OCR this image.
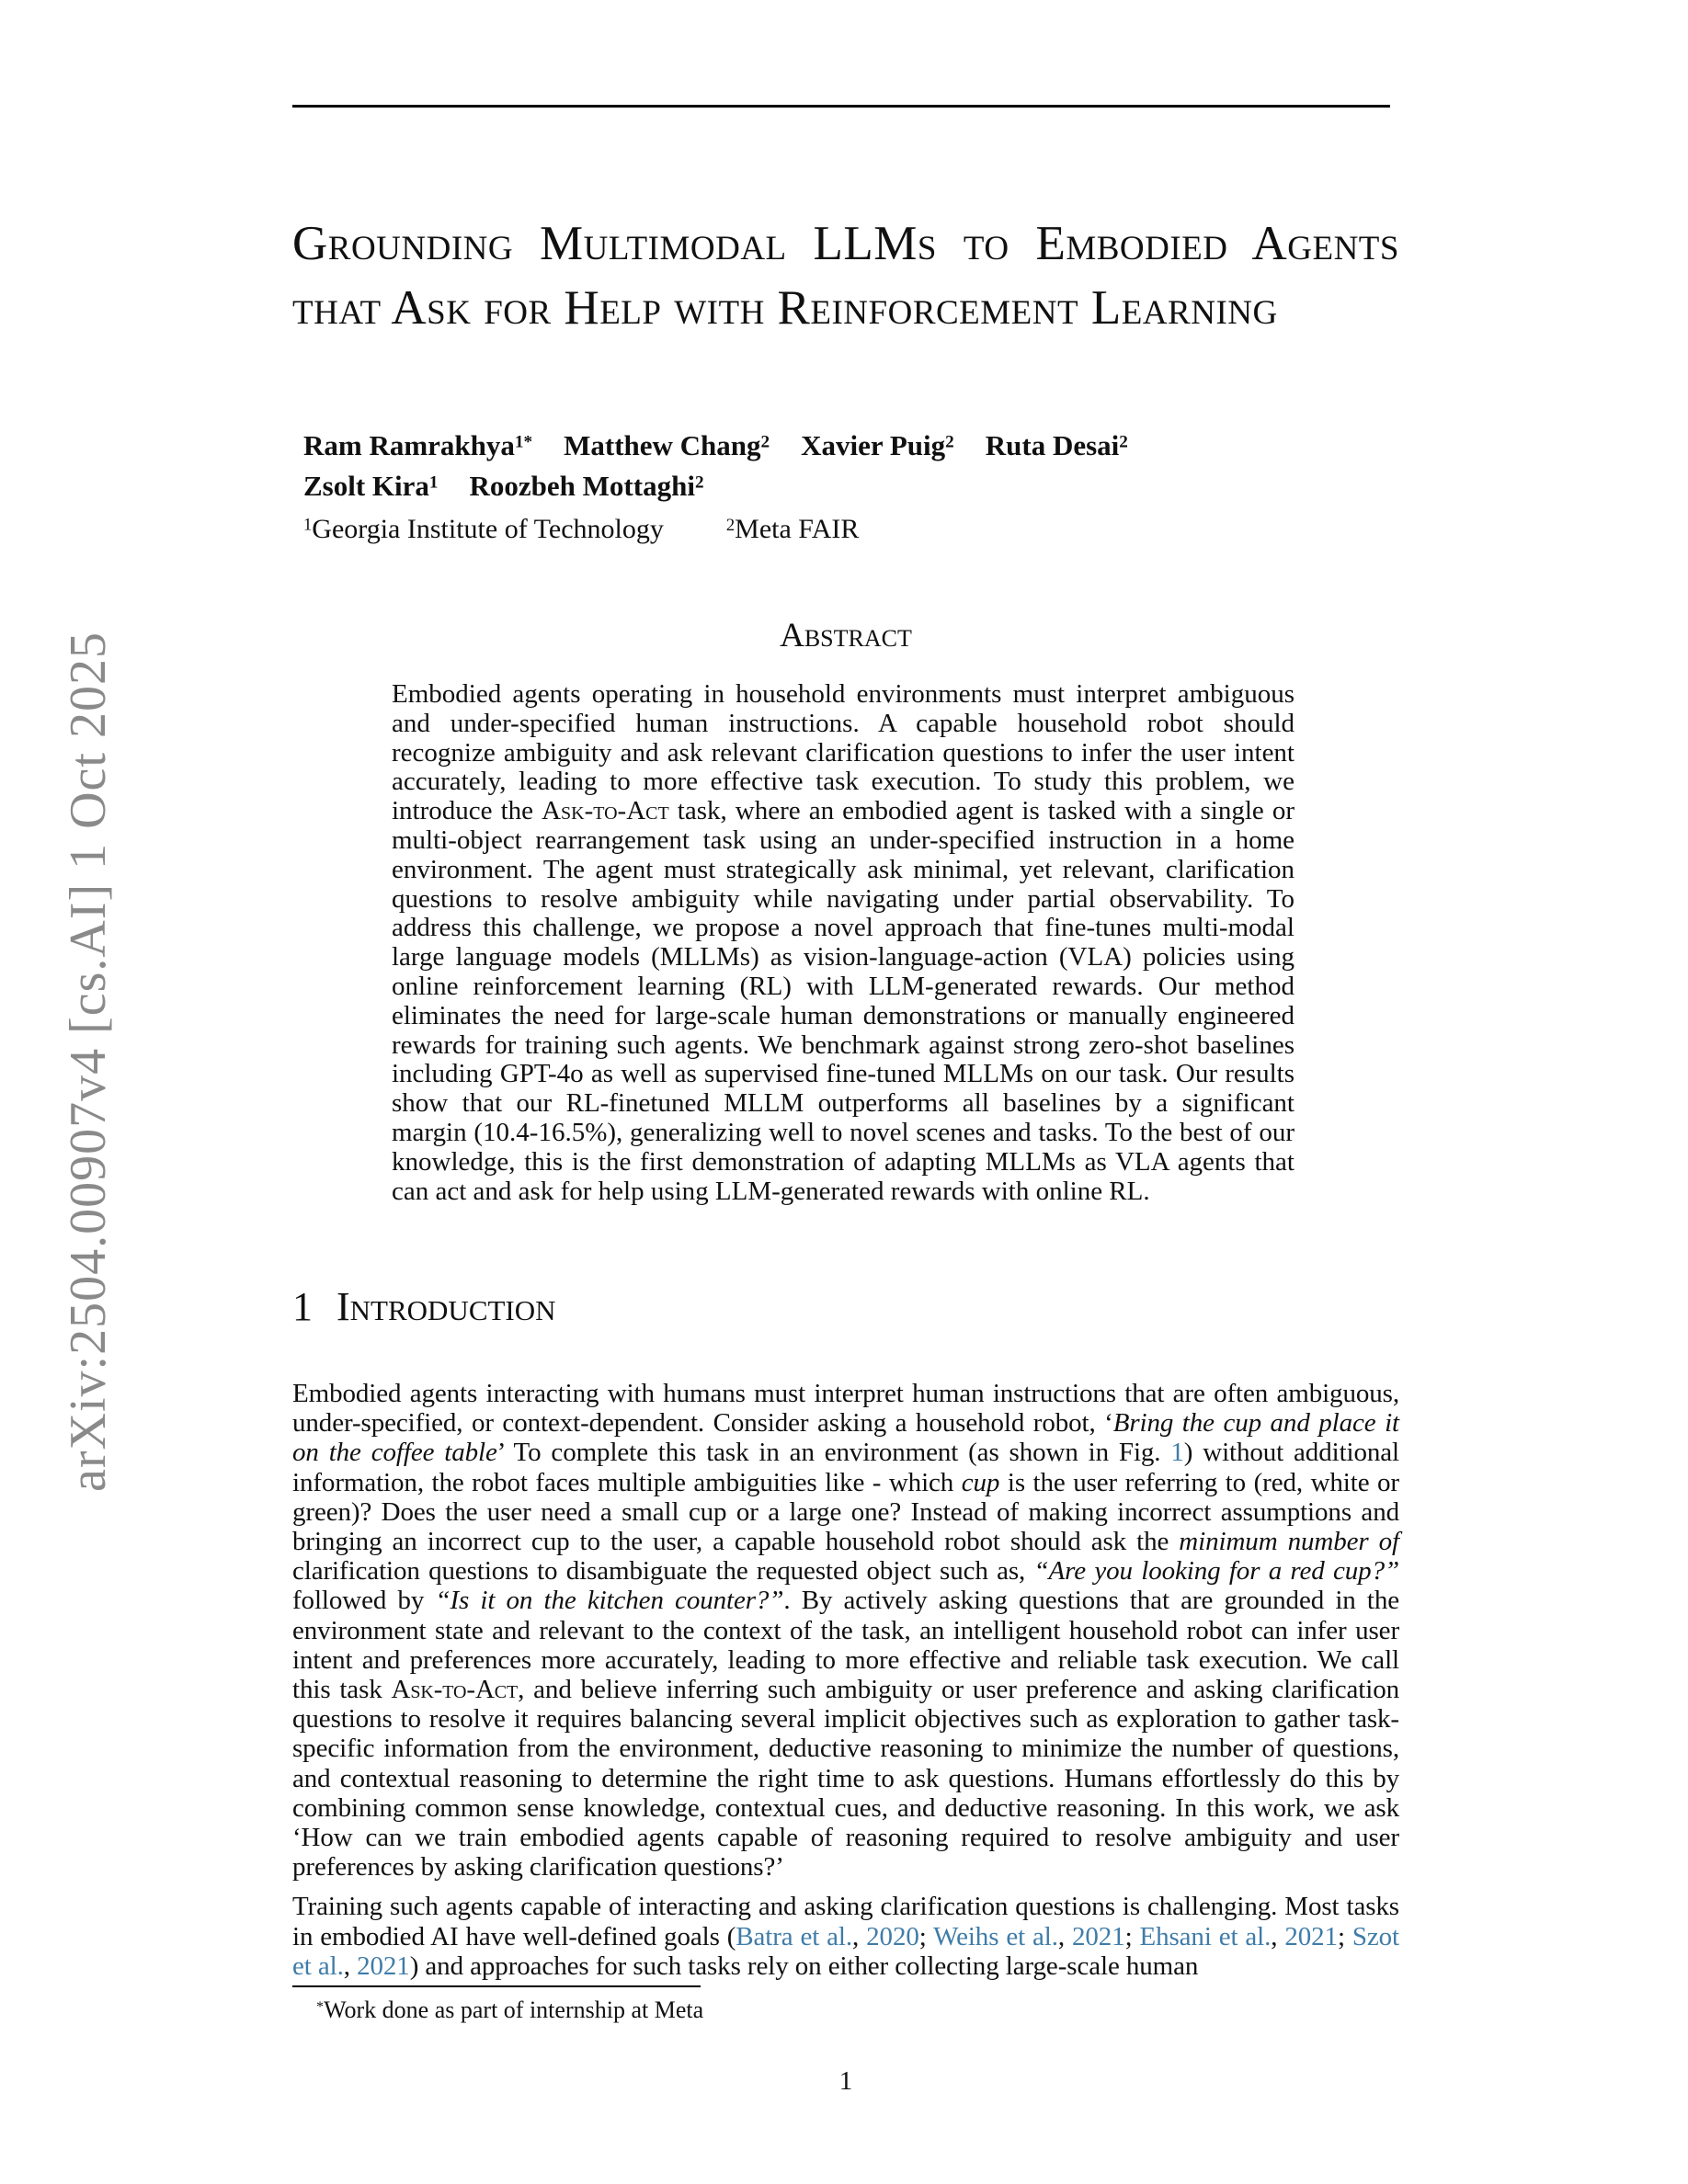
arXiv:2504.00907v4 [cs.AI] 1 Oct 2025
Grounding Multimodal LLMs to Embodied Agents that Ask for Help with Reinforcement Learning
Ram Ramrakhya$^{1*}$ Matthew Chang$^2$ Xavier Puig$^2$ Ruta Desai$^2$
Zsolt Kira$^1$ Roozbeh Mottaghi$^2$
$^1$Georgia Institute of Technology	$^2$Meta FAIR
Abstract
Embodied agents operating in household environments must interpret ambiguous and under-specified human instructions. A capable household robot should recognize ambiguity and ask relevant clarification questions to infer the user intent accurately, leading to more effective task execution. To study this problem, we introduce the Ask-to-Act task, where an embodied agent is tasked with a single or multi-object rearrangement task using an under-specified instruction in a home environment. The agent must strategically ask minimal, yet relevant, clarification questions to resolve ambiguity while navigating under partial observability. To address this challenge, we propose a novel approach that fine-tunes multi-modal large language models (MLLMs) as vision-language-action (VLA) policies using online reinforcement learning (RL) with LLM-generated rewards. Our method eliminates the need for large-scale human demonstrations or manually engineered rewards for training such agents. We benchmark against strong zero-shot baselines including GPT-4o as well as supervised fine-tuned MLLMs on our task. Our results show that our RL-finetuned MLLM outperforms all baselines by a significant margin (10.4-16.5%), generalizing well to novel scenes and tasks. To the best of our knowledge, this is the first demonstration of adapting MLLMs as VLA agents that can act and ask for help using LLM-generated rewards with online RL.
1 Introduction
Embodied agents interacting with humans must interpret human instructions that are often ambiguous, under-specified, or context-dependent. Consider asking a household robot, ‘Bring the cup and place it on the coffee table’ To complete this task in an environment (as shown in Fig. 1) without additional information, the robot faces multiple ambiguities like - which cup is the user referring to (red, white or green)? Does the user need a small cup or a large one? Instead of making incorrect assumptions and bringing an incorrect cup to the user, a capable household robot should ask the minimum number of clarification questions to disambiguate the requested object such as, “Are you looking for a red cup?” followed by “Is it on the kitchen counter?”. By actively asking questions that are grounded in the environment state and relevant to the context of the task, an intelligent household robot can infer user intent and preferences more accurately, leading to more effective and reliable task execution. We call this task Ask-to-Act, and believe inferring such ambiguity or user preference and asking clarification questions to resolve it requires balancing several implicit objectives such as exploration to gather task-specific information from the environment, deductive reasoning to minimize the number of questions, and contextual reasoning to determine the right time to ask questions. Humans effortlessly do this by combining common sense knowledge, contextual cues, and deductive reasoning. In this work, we ask ‘How can we train embodied agents capable of reasoning required to resolve ambiguity and user preferences by asking clarification questions?’
Training such agents capable of interacting and asking clarification questions is challenging. Most tasks in embodied AI have well-defined goals (Batra et al., 2020; Weihs et al., 2021; Ehsani et al., 2021; Szot et al., 2021) and approaches for such tasks rely on either collecting large-scale human
*Work done as part of internship at Meta
1
